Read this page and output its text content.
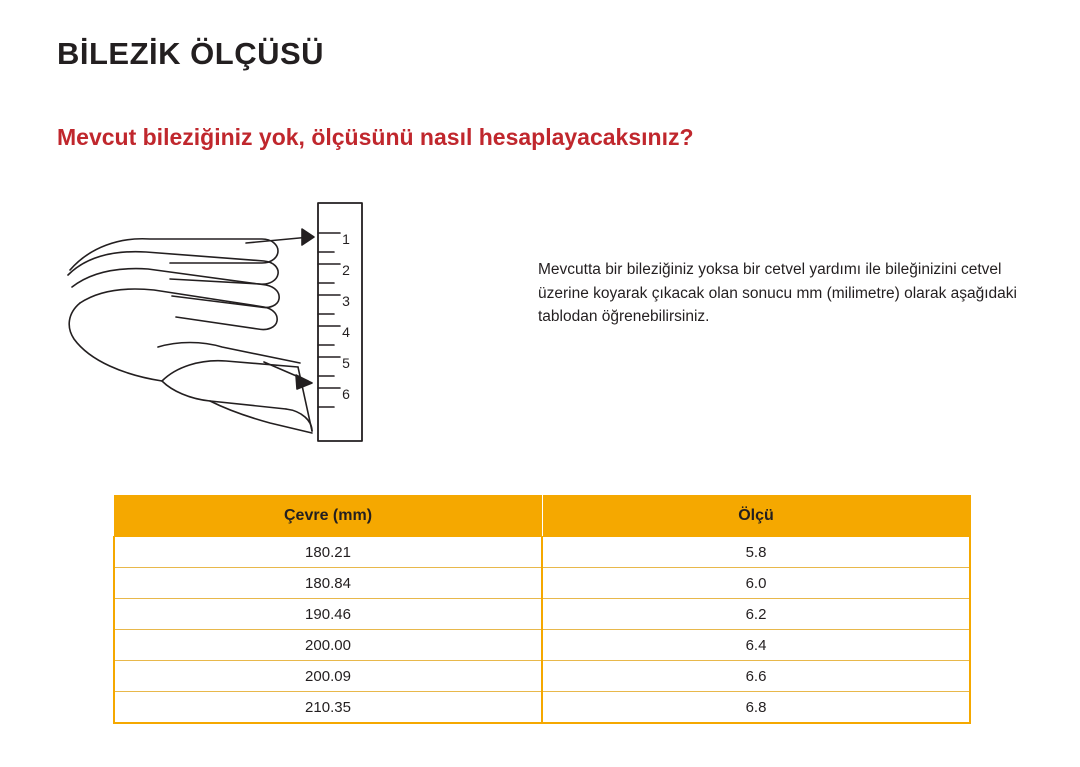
BİLEZİK ÖLÇÜSÜ
Mevcut bileziğiniz yok, ölçüsünü nasıl hesaplayacaksınız?
1
2
3
4
5
6
Mevcutta bir bileziğiniz yoksa bir cetvel yardımı ile bileğinizini cetvel üzerine koyarak çıkacak olan sonucu mm (milimetre) olarak aşağıdaki tablodan öğrenebilirsiniz.
Çevre (mm)	Ölçü
180.21	5.8
180.84	6.0
190.46	6.2
200.00	6.4
200.09	6.6
210.35	6.8
